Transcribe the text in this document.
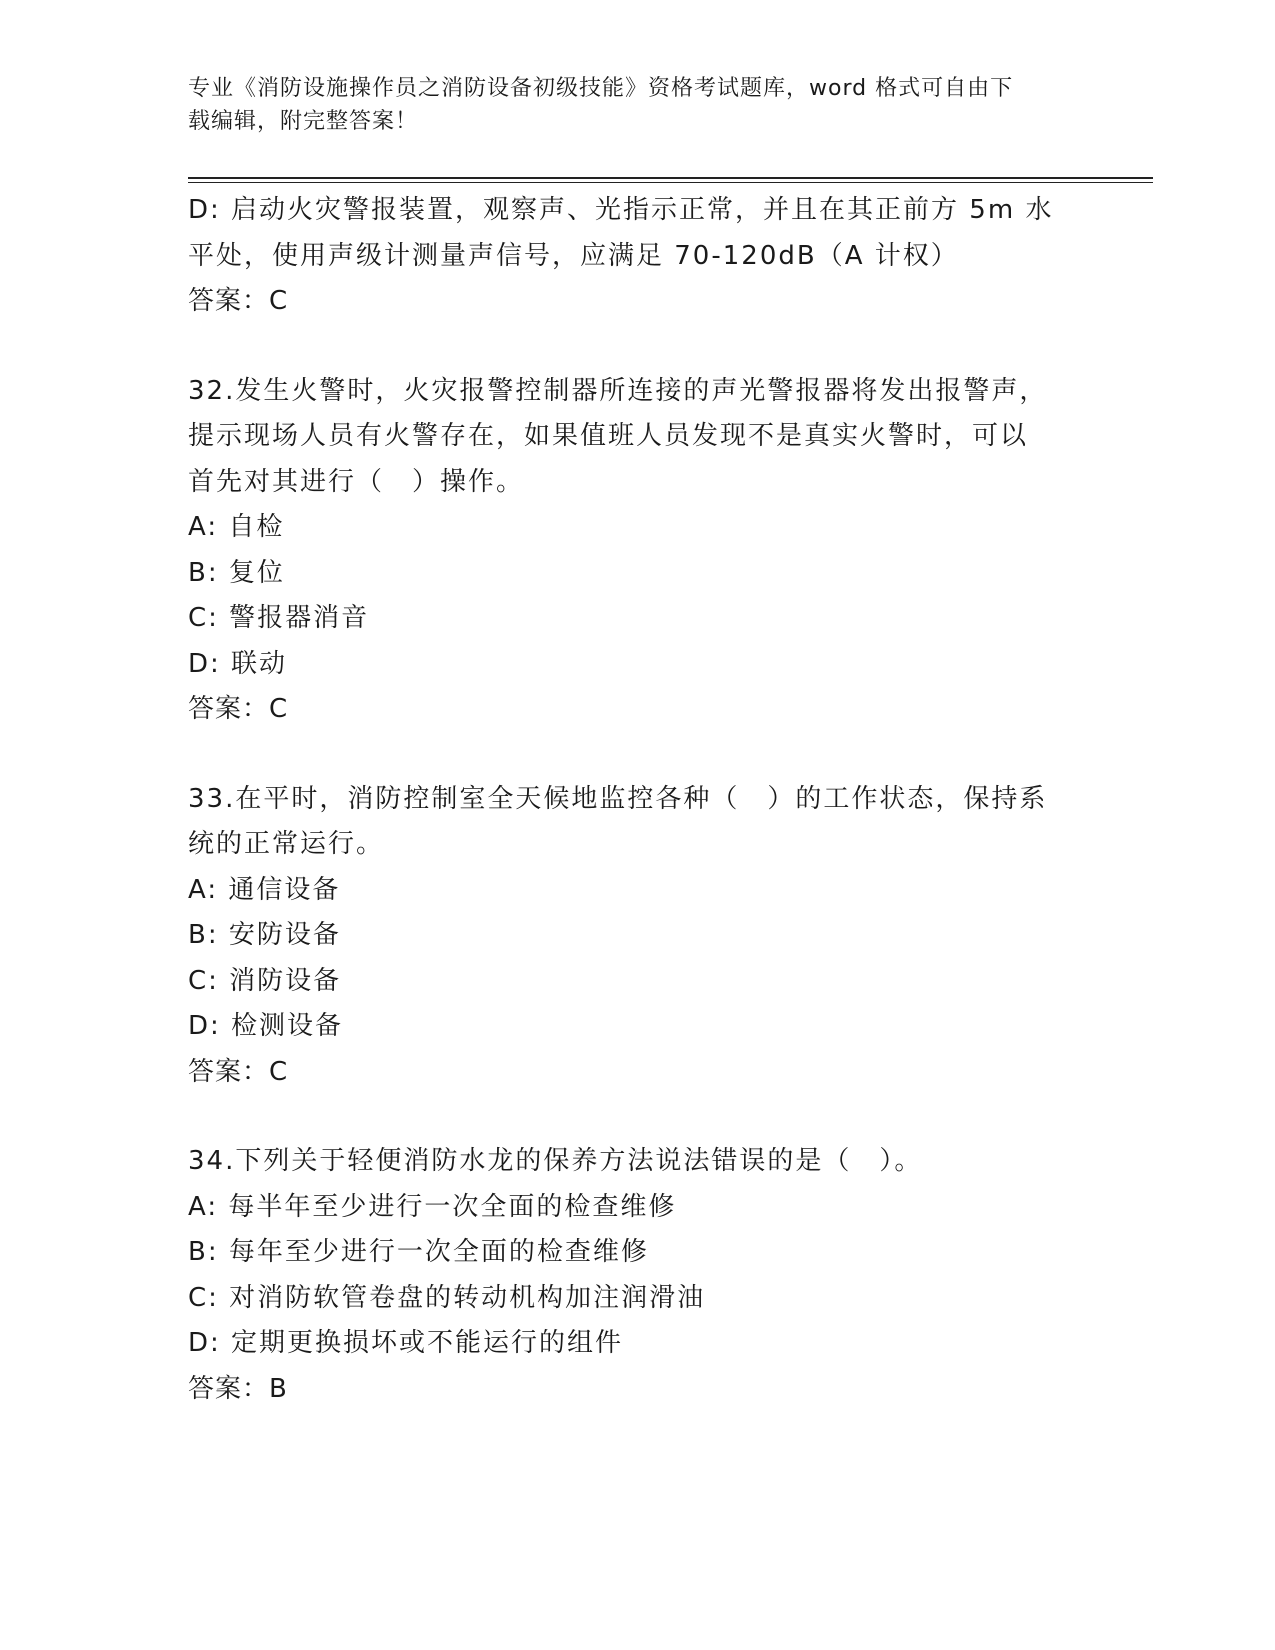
专业《消防设施操作员之消防设备初级技能》资格考试题库，word 格式可自由下
载编辑，附完整答案！
D: 启动火灾警报装置，观察声、光指示正常，并且在其正前方 5m 水
平处，使用声级计测量声信号，应满足 70-120dB（A 计权）
答案：C
32.发生火警时，火灾报警控制器所连接的声光警报器将发出报警声，
提示现场人员有火警存在，如果值班人员发现不是真实火警时，可以
首先对其进行（　）操作。
A: 自检
B: 复位
C: 警报器消音
D: 联动
答案：C
33.在平时，消防控制室全天候地监控各种（　）的工作状态，保持系
统的正常运行。
A: 通信设备
B: 安防设备
C: 消防设备
D: 检测设备
答案：C
34.下列关于轻便消防水龙的保养方法说法错误的是（　）。
A: 每半年至少进行一次全面的检查维修
B: 每年至少进行一次全面的检查维修
C: 对消防软管卷盘的转动机构加注润滑油
D: 定期更换损坏或不能运行的组件
答案：B
